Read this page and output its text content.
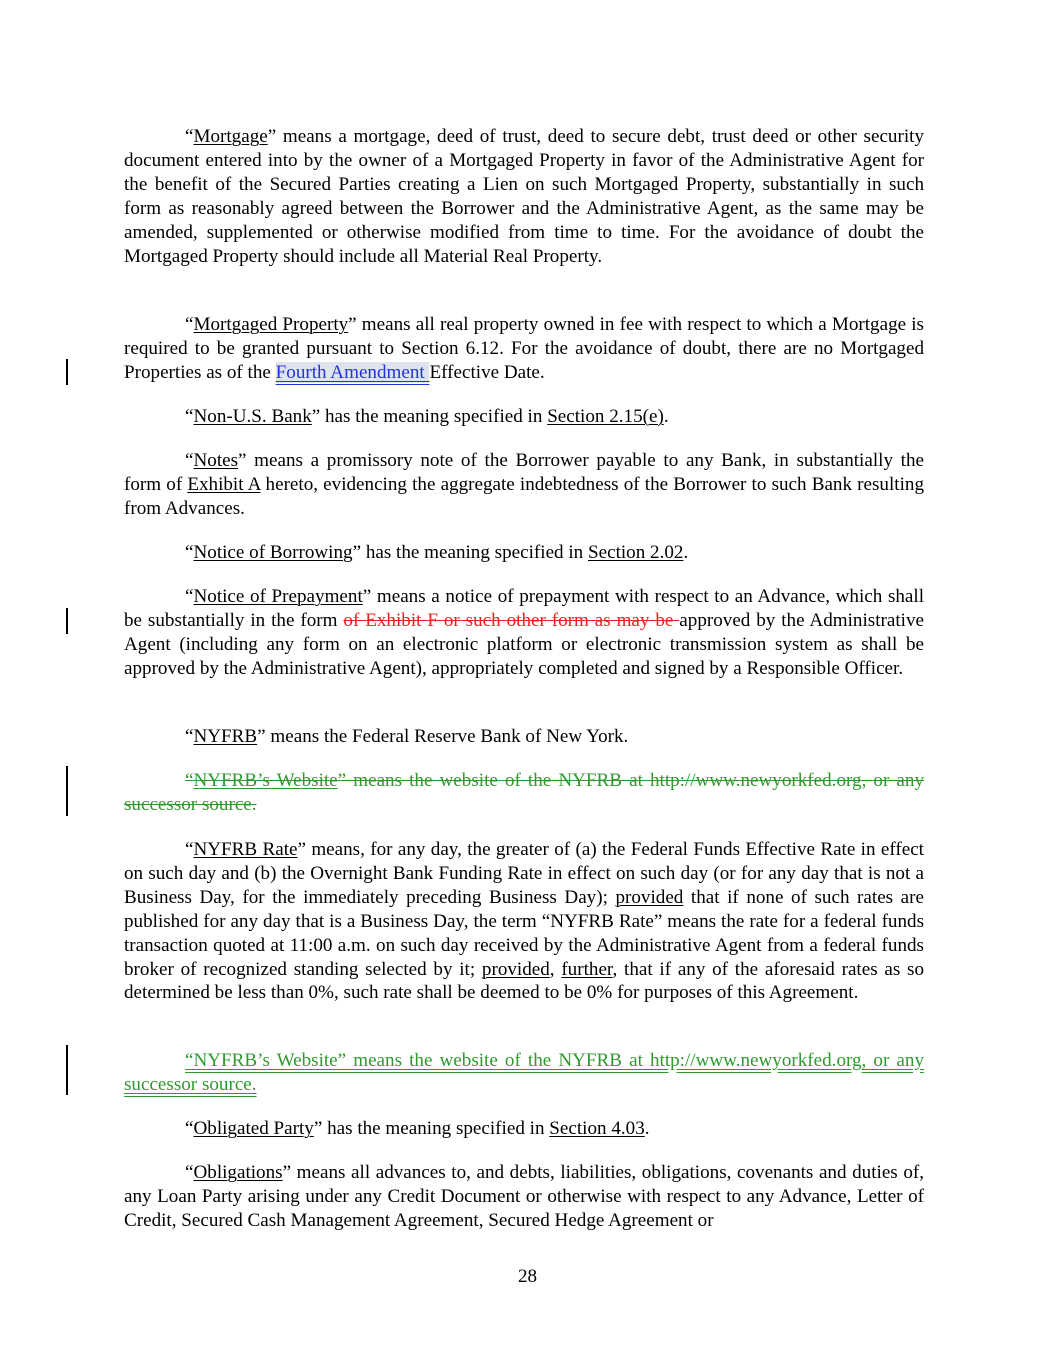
“Mortgage” means a mortgage, deed of trust, deed to secure debt, trust deed or other security document entered into by the owner of a Mortgaged Property in favor of the Administrative Agent for the benefit of the Secured Parties creating a Lien on such Mortgaged Property, substantially in such form as reasonably agreed between the Borrower and the Administrative Agent, as the same may be amended, supplemented or otherwise modified from time to time. For the avoidance of doubt the Mortgaged Property should include all Material Real Property.

“Mortgaged Property” means all real property owned in fee with respect to which a Mortgage is required to be granted pursuant to Section 6.12. For the avoidance of doubt, there are no Mortgaged Properties as of the Fourth Amendment Effective Date.

“Non-U.S. Bank” has the meaning specified in Section 2.15(e).

“Notes” means a promissory note of the Borrower payable to any Bank, in substantially the form of Exhibit A hereto, evidencing the aggregate indebtedness of the Borrower to such Bank resulting from Advances.

“Notice of Borrowing” has the meaning specified in Section 2.02.

“Notice of Prepayment” means a notice of prepayment with respect to an Advance, which shall be substantially in the form of Exhibit F or such other form as may be approved by the Administrative Agent (including any form on an electronic platform or electronic transmission system as shall be approved by the Administrative Agent), appropriately completed and signed by a Responsible Officer.

“NYFRB” means the Federal Reserve Bank of New York.

“NYFRB’s Website” means the website of the NYFRB at http://www.newyorkfed.org, or any successor source.

“NYFRB Rate” means, for any day, the greater of (a) the Federal Funds Effective Rate in effect on such day and (b) the Overnight Bank Funding Rate in effect on such day (or for any day that is not a Business Day, for the immediately preceding Business Day); provided that if none of such rates are published for any day that is a Business Day, the term “NYFRB Rate” means the rate for a federal funds transaction quoted at 11:00 a.m. on such day received by the Administrative Agent from a federal funds broker of recognized standing selected by it; provided, further, that if any of the aforesaid rates as so determined be less than 0%, such rate shall be deemed to be 0% for purposes of this Agreement.

“NYFRB’s Website” means the website of the NYFRB at http://www.newyorkfed.org, or any successor source.

“Obligated Party” has the meaning specified in Section 4.03.

“Obligations” means all advances to, and debts, liabilities, obligations, covenants and duties of, any Loan Party arising under any Credit Document or otherwise with respect to any Advance, Letter of Credit, Secured Cash Management Agreement, Secured Hedge Agreement or

28
